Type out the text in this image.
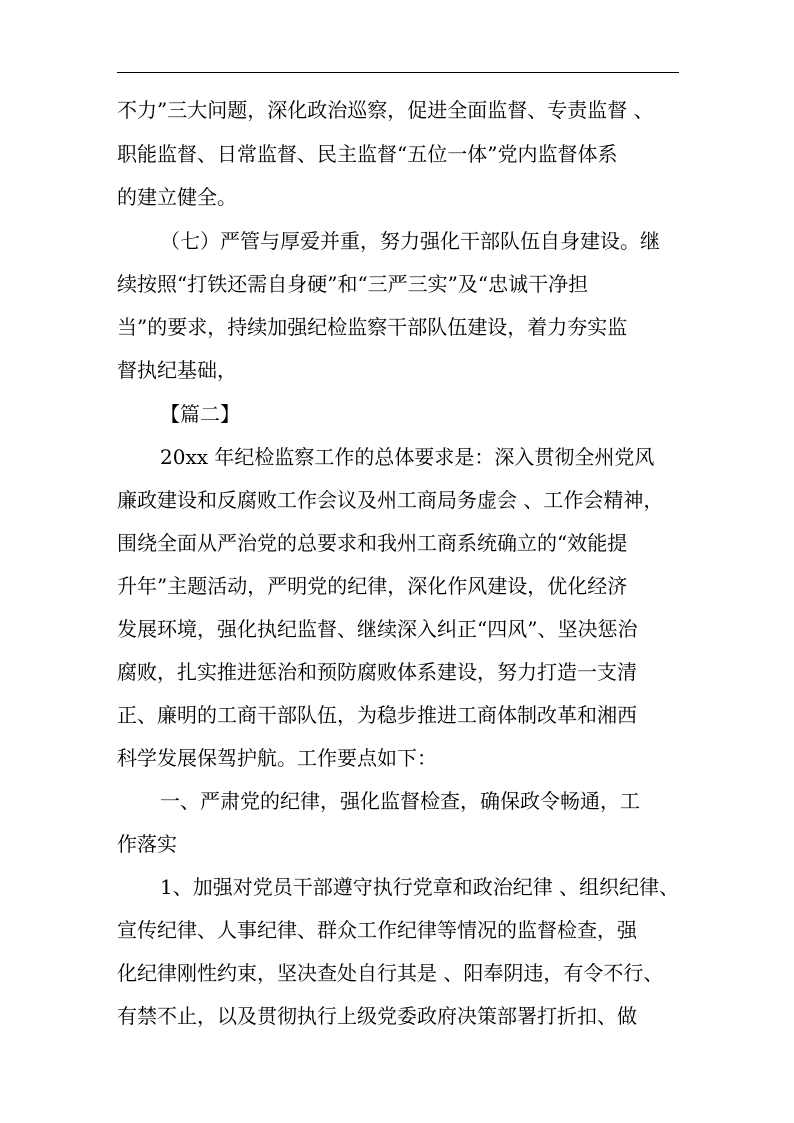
不力”三大问题，深化政治巡察，促进全面监督、专责监督 、
职能监督、日常监督、民主监督“五位一体”党内监督体系
的建立健全。
（七）严管与厚爱并重，努力强化干部队伍自身建设。继
续按照“打铁还需自身硬”和“三严三实”及“忠诚干净担
当”的要求，持续加强纪检监察干部队伍建设，着力夯实监
督执纪基础，
【篇二】
20xx 年纪检监察工作的总体要求是：深入贯彻全州党风
廉政建设和反腐败工作会议及州工商局务虚会 、工作会精神，
围绕全面从严治党的总要求和我州工商系统确立的“效能提
升年”主题活动，严明党的纪律，深化作风建设，优化经济
发展环境，强化执纪监督、继续深入纠正“四风”、坚决惩治
腐败，扎实推进惩治和预防腐败体系建设，努力打造一支清
正、廉明的工商干部队伍，为稳步推进工商体制改革和湘西
科学发展保驾护航。工作要点如下：
一、严肃党的纪律，强化监督检查，确保政令畅通，工
作落实
1、加强对党员干部遵守执行党章和政治纪律 、组织纪律、
宣传纪律、人事纪律、群众工作纪律等情况的监督检查，强
化纪律刚性约束，坚决查处自行其是 、阳奉阴违，有令不行、
有禁不止，以及贯彻执行上级党委政府决策部署打折扣、做
